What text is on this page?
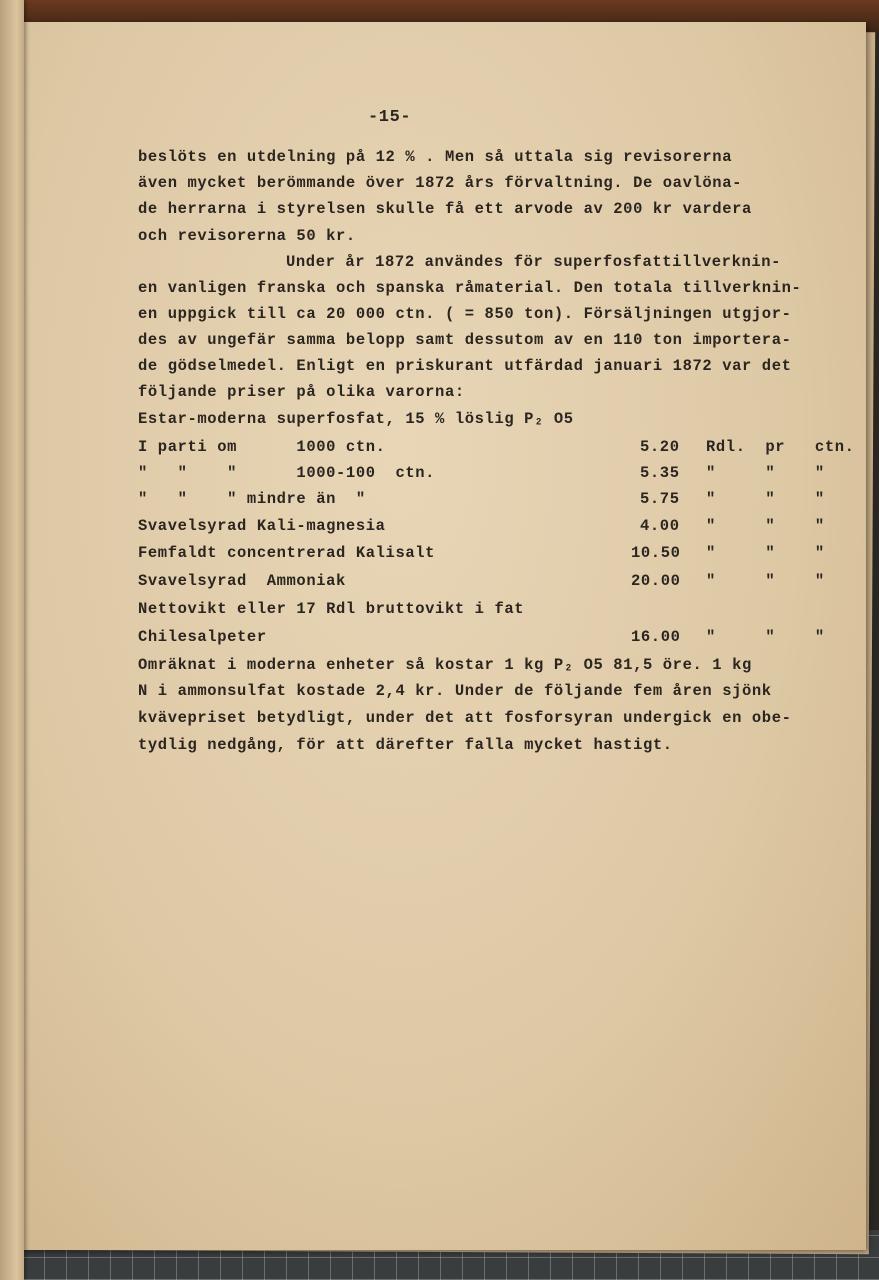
-15-
beslöts en utdelning på 12 % . Men så uttala sig revisorerna
även mycket berömmande över 1872 års förvaltning. De oavlöna-
de herrarna i styrelsen skulle få ett arvode av 200 kr vardera
och revisorerna 50 kr.
Under år 1872 användes för superfosfattillverknin-
en vanligen franska och spanska råmaterial. Den totala tillverknin-
en uppgick till ca 20 000 ctn. ( = 850 ton). Försäljningen utgjor-
des av ungefär samma belopp samt dessutom av en 110 ton importera-
de gödselmedel. Enligt en priskurant utfärdad januari 1872 var det
följande priser på olika varorna:
Estar-moderna superfosfat, 15 % löslig P₂ O5
I parti om      1000 ctn.	5.20 Rdl.  pr   ctn.
"   "    "      1000-100  ctn.	5.35 "     "    "
"   "    " mindre än  "	5.75 "     "    "
Svavelsyrad Kali-magnesia	4.00 "     "    "
Femfaldt concentrerad Kalisalt	10.50 "     "    "
Svavelsyrad  Ammoniak	20.00 "     "    "
Nettovikt eller 17 Rdl bruttovikt i fat
Chilesalpeter	16.00 "     "    "
Omräknat i moderna enheter så kostar 1 kg P₂ O5 81,5 öre. 1 kg
N i ammonsulfat kostade 2,4 kr. Under de följande fem åren sjönk
kvävepriset betydligt, under det att fosforsyran undergick en obe-
tydlig nedgång, för att därefter falla mycket hastigt.
